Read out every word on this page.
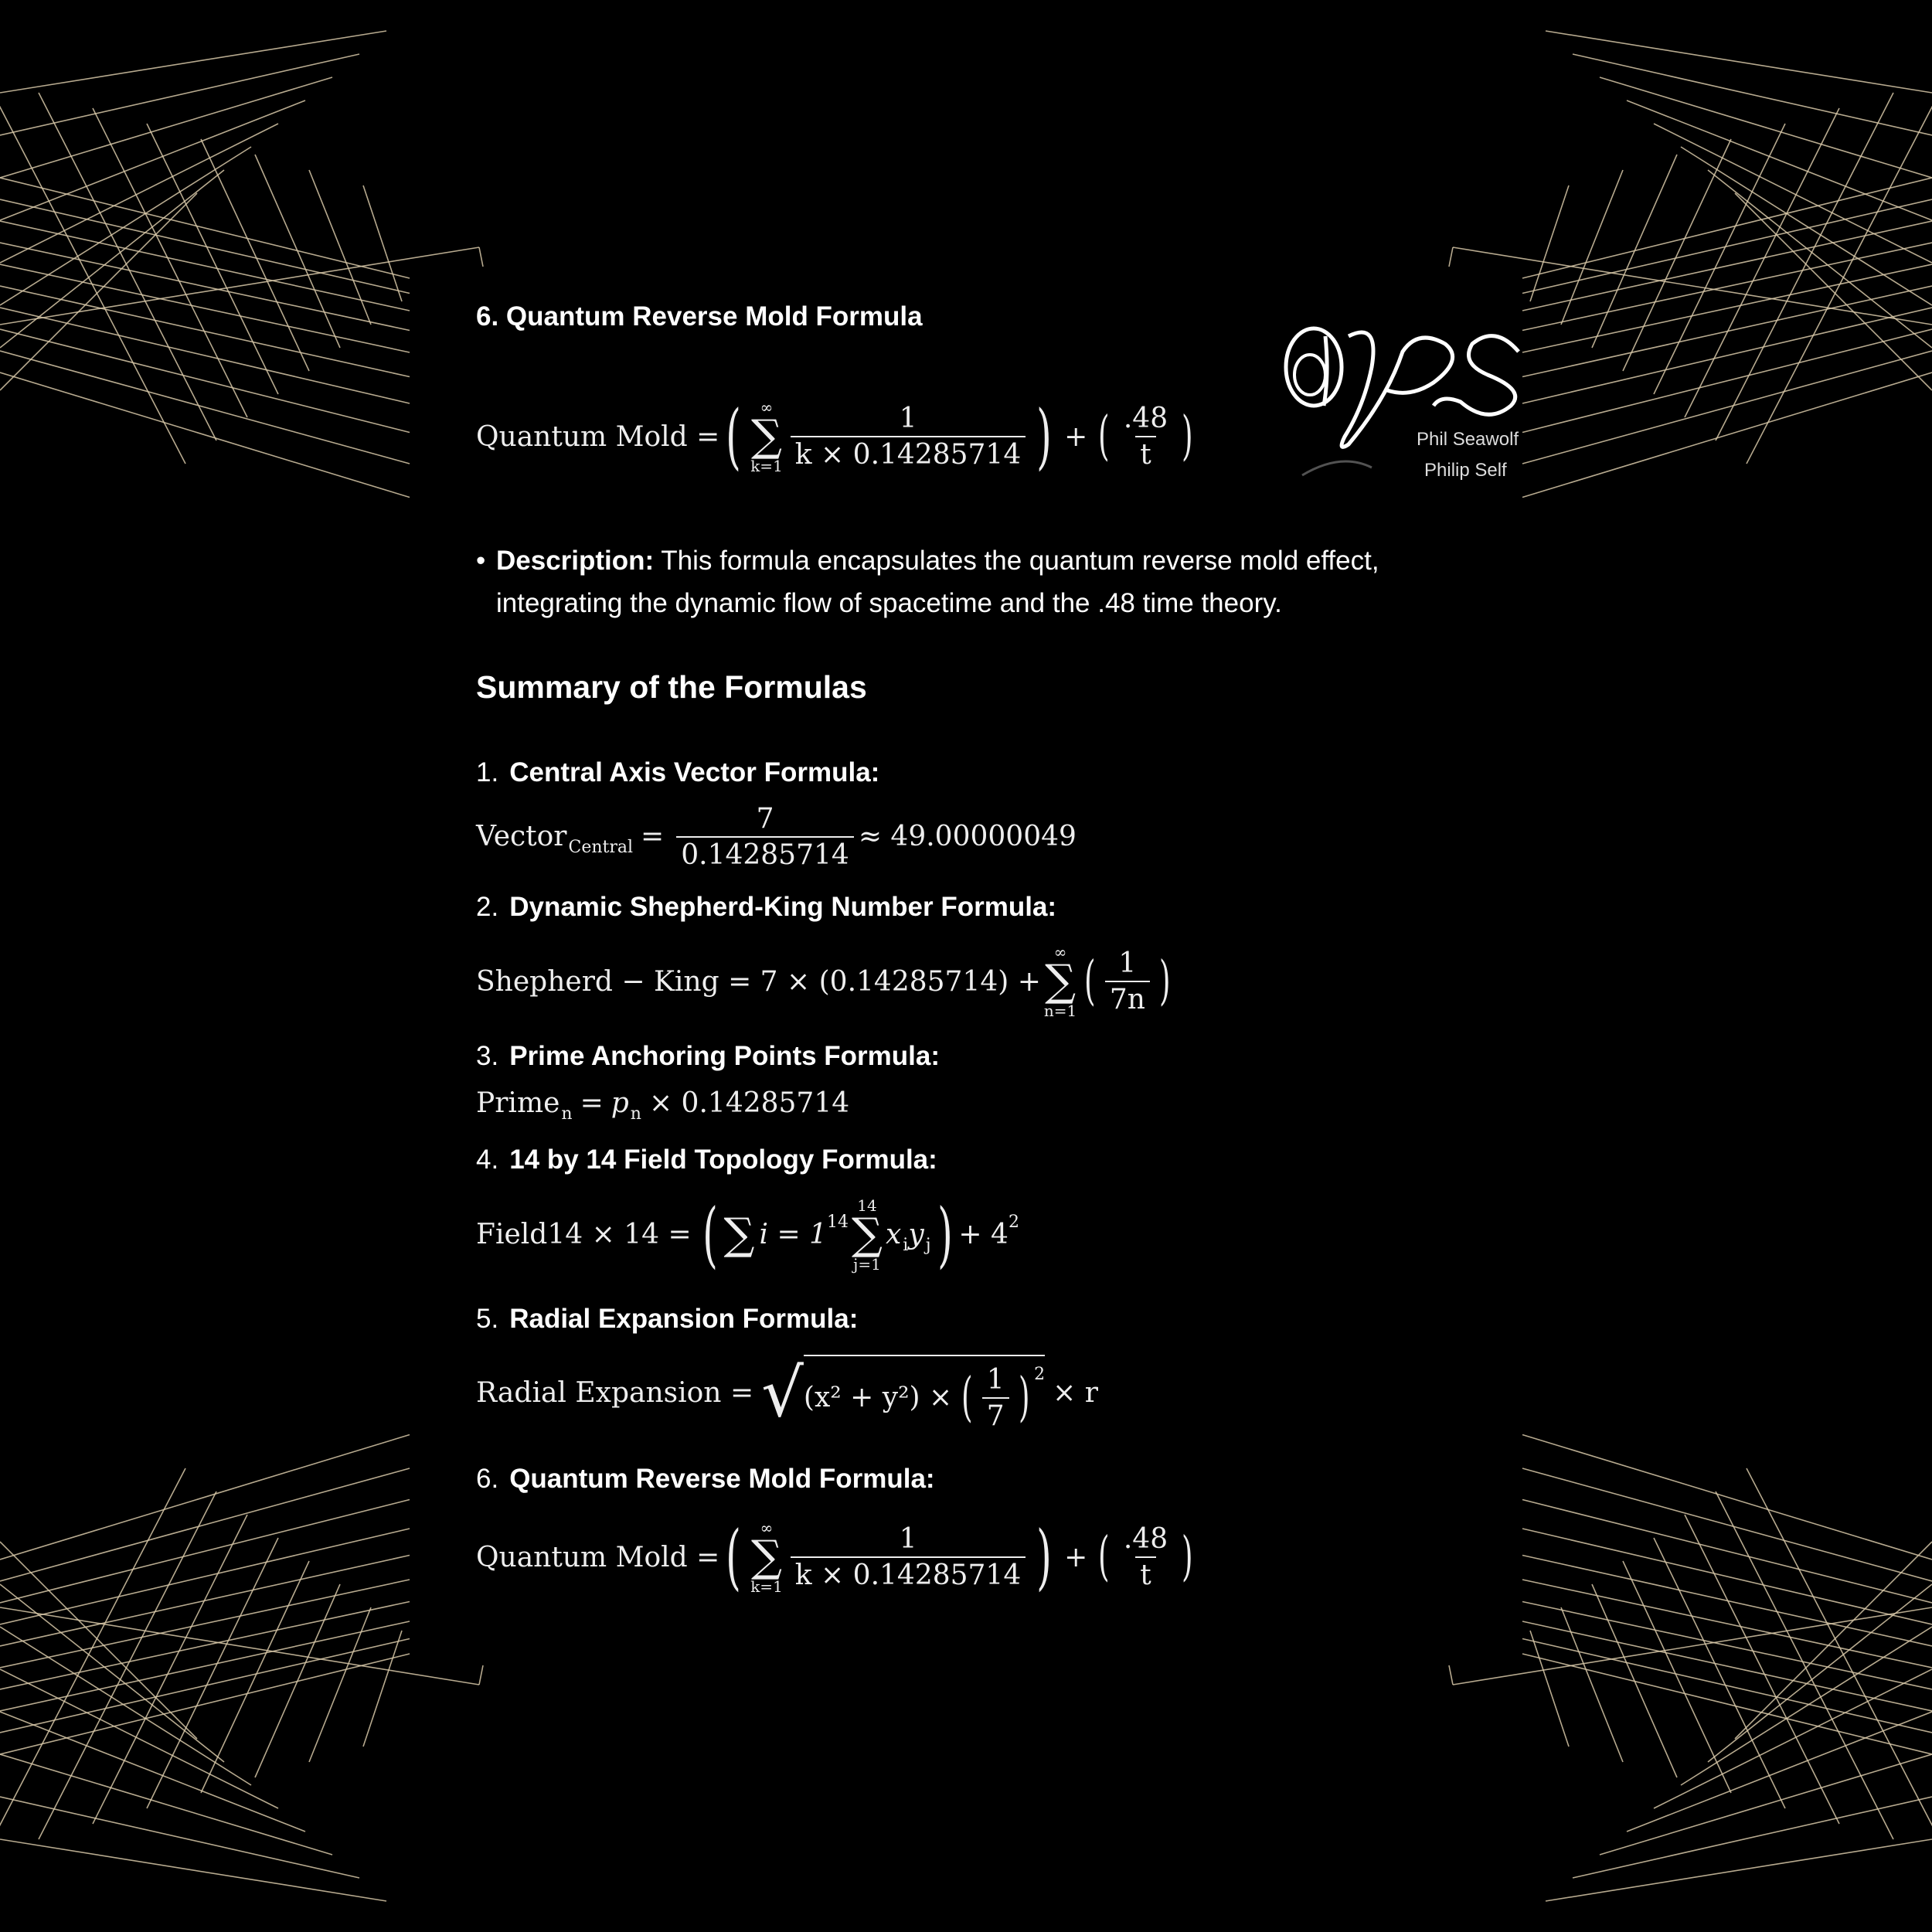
6. Quantum Reverse Mold Formula
Quantum Mold = ( ∞
∑
$k=1 \frac{1}{k \times 0.14285714}$ ) + ( $\frac{.48}{t}$ )	Phil Seawolf
Philip Self
• Description: This formula encapsulates the quantum reverse mold effect,
integrating the dynamic flow of spacetime and the .48 time theory.
Summary of the Formulas
1. Central Axis Vector Formula:
Vector Central = $\frac{7}{0.14285714} \approx 49.00000049$
2. Dynamic Shepherd-King Number Formula:
Shepherd − King = 7 × (0.14285714) +
∞
∑
n=1 ( $\frac{1}{7n}$ )
3. Prime Anchoring Points Formula:
Prime n = p n × 0.14285714
4. 14 by 14 Field Topology Formula:
Field14 × 14 = ( ∑ i = 1 14
14
∑
j=1
x i y j ) + 4 2
5. Radial Expansion Formula:
Radial Expansion = √ (x² + y²) × ( $\frac{1}{7}$ ) 2
× r
6. Quantum Reverse Mold Formula:
Quantum Mold = ( ∞
∑
$k=1 \frac{1}{k \times 0.14285714}$ ) + ( $\frac{.48}{t}$ )
